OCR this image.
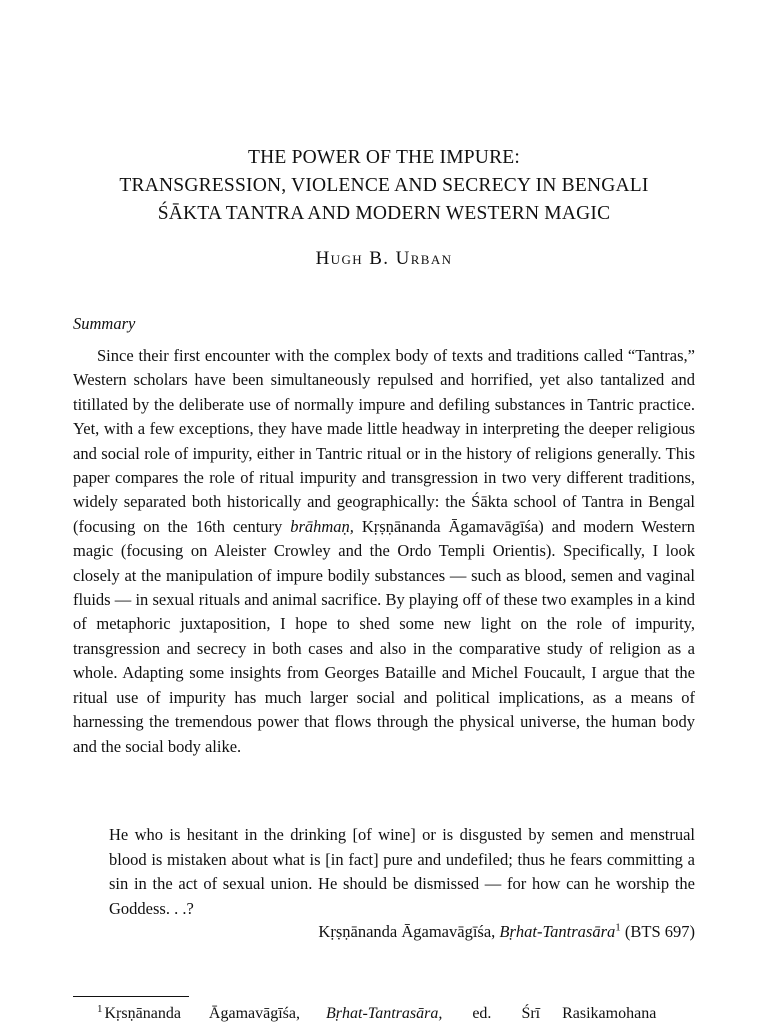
THE POWER OF THE IMPURE:
TRANSGRESSION, VIOLENCE AND SECRECY IN BENGALI
ŚĀKTA TANTRA AND MODERN WESTERN MAGIC
Hugh B. Urban
Summary

Since their first encounter with the complex body of texts and traditions called “Tantras,” Western scholars have been simultaneously repulsed and horrified, yet also tantalized and titillated by the deliberate use of normally impure and defiling substances in Tantric practice. Yet, with a few exceptions, they have made little headway in interpreting the deeper religious and social role of impurity, either in Tantric ritual or in the history of religions generally. This paper compares the role of ritual impurity and transgression in two very different traditions, widely separated both historically and geographically: the Śākta school of Tantra in Bengal (focusing on the 16th century brāhmaṇ, Kṛṣṇānanda Āgamavāgīśa) and modern Western magic (focusing on Aleister Crowley and the Ordo Templi Orientis). Specifically, I look closely at the manipulation of impure bodily substances — such as blood, semen and vaginal fluids — in sexual rituals and animal sacrifice. By playing off of these two examples in a kind of metaphoric juxtaposition, I hope to shed some new light on the role of impurity, transgression and secrecy in both cases and also in the comparative study of religion as a whole. Adapting some insights from Georges Bataille and Michel Foucault, I argue that the ritual use of impurity has much larger social and political implications, as a means of harnessing the tremendous power that flows through the physical universe, the human body and the social body alike.

He who is hesitant in the drinking [of wine] or is disgusted by semen and menstrual blood is mistaken about what is [in fact] pure and undefiled; thus he fears committing a sin in the act of sexual union. He should be dismissed — for how can he worship the Goddess. . .?

Kṛṣṇānanda Āgamavāgīśa, Bṛhat-Tantrasāra$^1$ (BTS 697)
$^1$ Kṛsṇānanda Āgamavāgīśa, Bṛhat-Tantrasāra, ed. Śrī Rasikamohana
